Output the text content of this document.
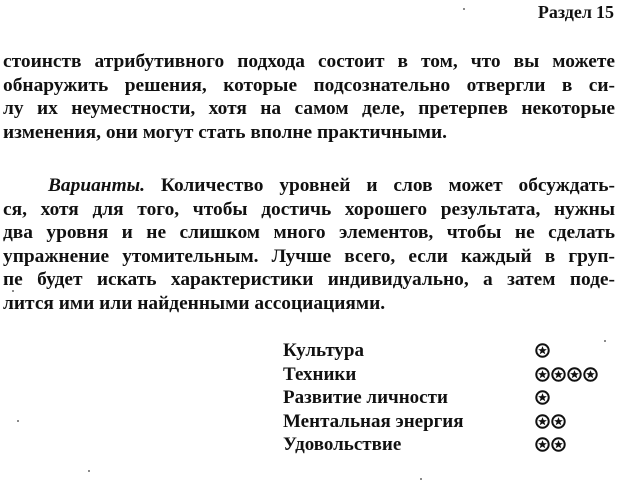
Раздел 15
стоинств атрибутивного подхода состоит в том, что вы можете
обнаружить решения, которые подсознательно отвергли в си-
лу их неуместности, хотя на самом деле, претерпев некоторые
изменения, они могут стать вполне практичными.
Варианты. Количество уровней и слов может обсуждать-
ся, хотя для того, чтобы достичь хорошего результата, нужны
два уровня и не слишком много элементов, чтобы не сделать
упражнение утомительным. Лучше всего, если каждый в груп-
пе будет искать характеристики индивидуально, а затем поде-
лится ими или найденными ассоциациями.
Культура
Техники
Развитие личности
Ментальная энергия
Удовольствие
